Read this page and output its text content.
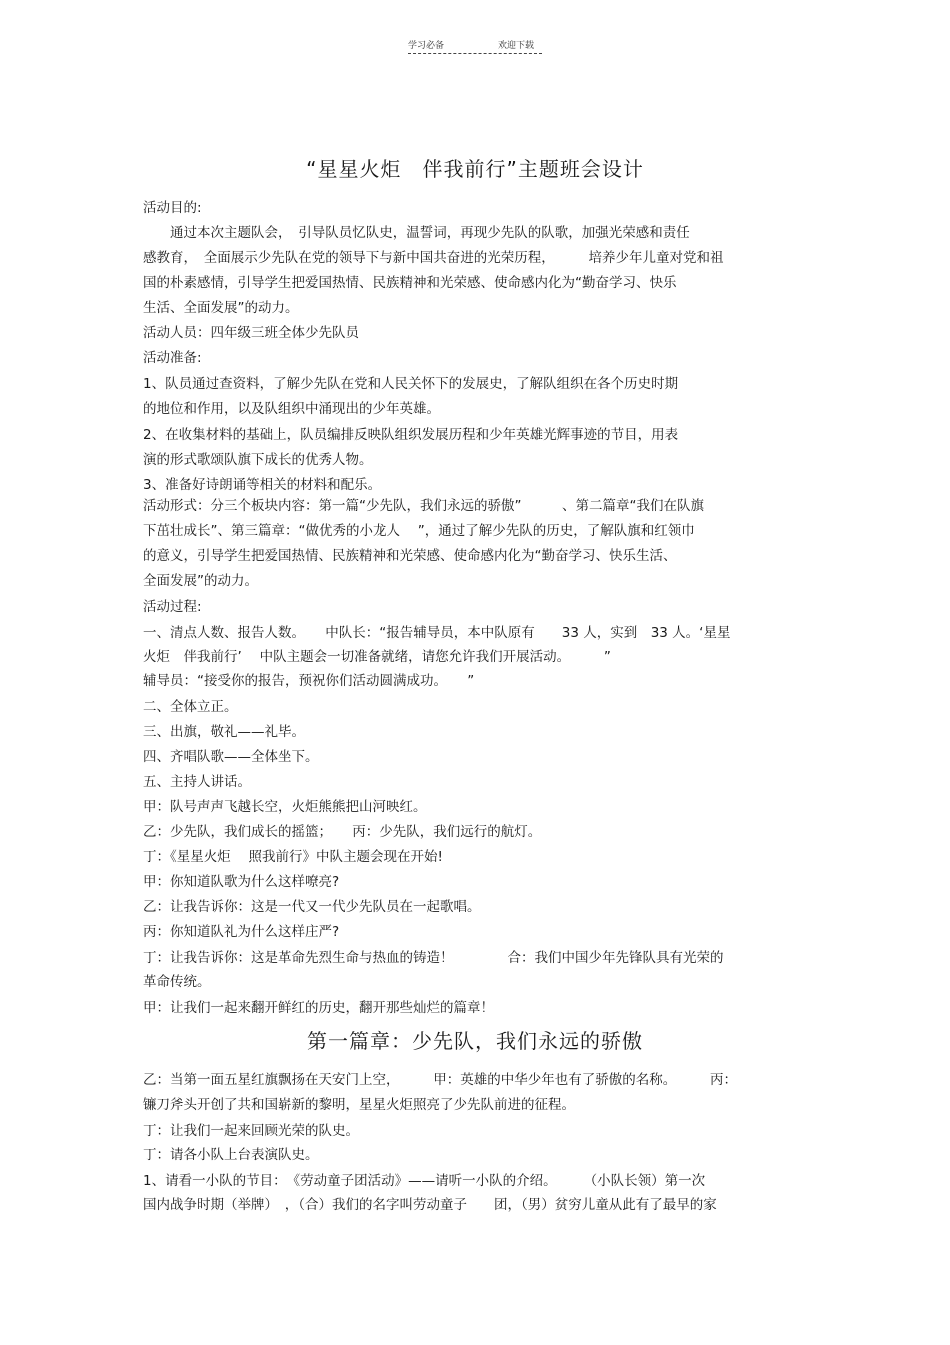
学习必备	欢迎下载
“星星火炬　伴我前行”主题班会设计
活动目的:
　　通过本次主题队会，　引导队员忆队史，温誓词，再现少先队的队歌，加强光荣感和责任
感教育，　全面展示少先队在党的领导下与新中国共奋进的光荣历程，　　　培养少年儿童对党和祖
国的朴素感情，引导学生把爱国热情、民族精神和光荣感、使命感内化为“勤奋学习、快乐
生活、全面发展”的动力。
活动人员：四年级三班全体少先队员
活动准备:
1、队员通过查资料，了解少先队在党和人民关怀下的发展史，了解队组织在各个历史时期
的地位和作用，以及队组织中涌现出的少年英雄。
2、在收集材料的基础上，队员编排反映队组织发展历程和少年英雄光辉事迹的节目，用表
演的形式歌颂队旗下成长的优秀人物。
3、准备好诗朗诵等相关的材料和配乐。
活动形式：分三个板块内容：第一篇“少先队，我们永远的骄傲”　　　、第二篇章“我们在队旗
下茁壮成长”、第三篇章：“做优秀的小龙人　 ”，通过了解少先队的历史，了解队旗和红领巾
的意义，引导学生把爱国热情、民族精神和光荣感、使命感内化为“勤奋学习、快乐生活、
全面发展”的动力。
活动过程:
一、清点人数、报告人数。　　中队长：“报告辅导员，本中队原有　　33 人，实到　33 人。‘星星
火炬　伴我前行’　 中队主题会一切准备就绪，请您允许我们开展活动。　　　”
辅导员：“接受你的报告，预祝你们活动圆满成功。　　”
二、全体立正。
三、出旗，敬礼——礼毕。
四、齐唱队歌——全体坐下。
五、主持人讲话。
甲：队号声声飞越长空，火炬熊熊把山河映红。
乙：少先队，我们成长的摇篮；　　丙：少先队，我们远行的航灯。
丁：《星星火炬　 照我前行》中队主题会现在开始!
甲：你知道队歌为什么这样嘹亮?
乙：让我告诉你：这是一代又一代少先队员在一起歌唱。
丙：你知道队礼为什么这样庄严?
丁：让我告诉你：这是革命先烈生命与热血的铸造！　　　　合：我们中国少年先锋队具有光荣的
革命传统。
甲：让我们一起来翻开鲜红的历史，翻开那些灿烂的篇章！
第一篇章：少先队，我们永远的骄傲
乙：当第一面五星红旗飘扬在天安门上空，　　　甲：英雄的中华少年也有了骄傲的名称。　　　丙：
镰刀斧头开创了共和国崭新的黎明，星星火炬照亮了少先队前进的征程。
丁：让我们一起来回顾光荣的队史。
丁：请各小队上台表演队史。
1、请看一小队的节目：　《劳动童子团活动》——请听一小队的介绍。　　　（小队长领）第一次
国内战争时期（举牌）　，（合）我们的名字叫劳动童子　　团，（男）贫穷儿童从此有了最早的家
